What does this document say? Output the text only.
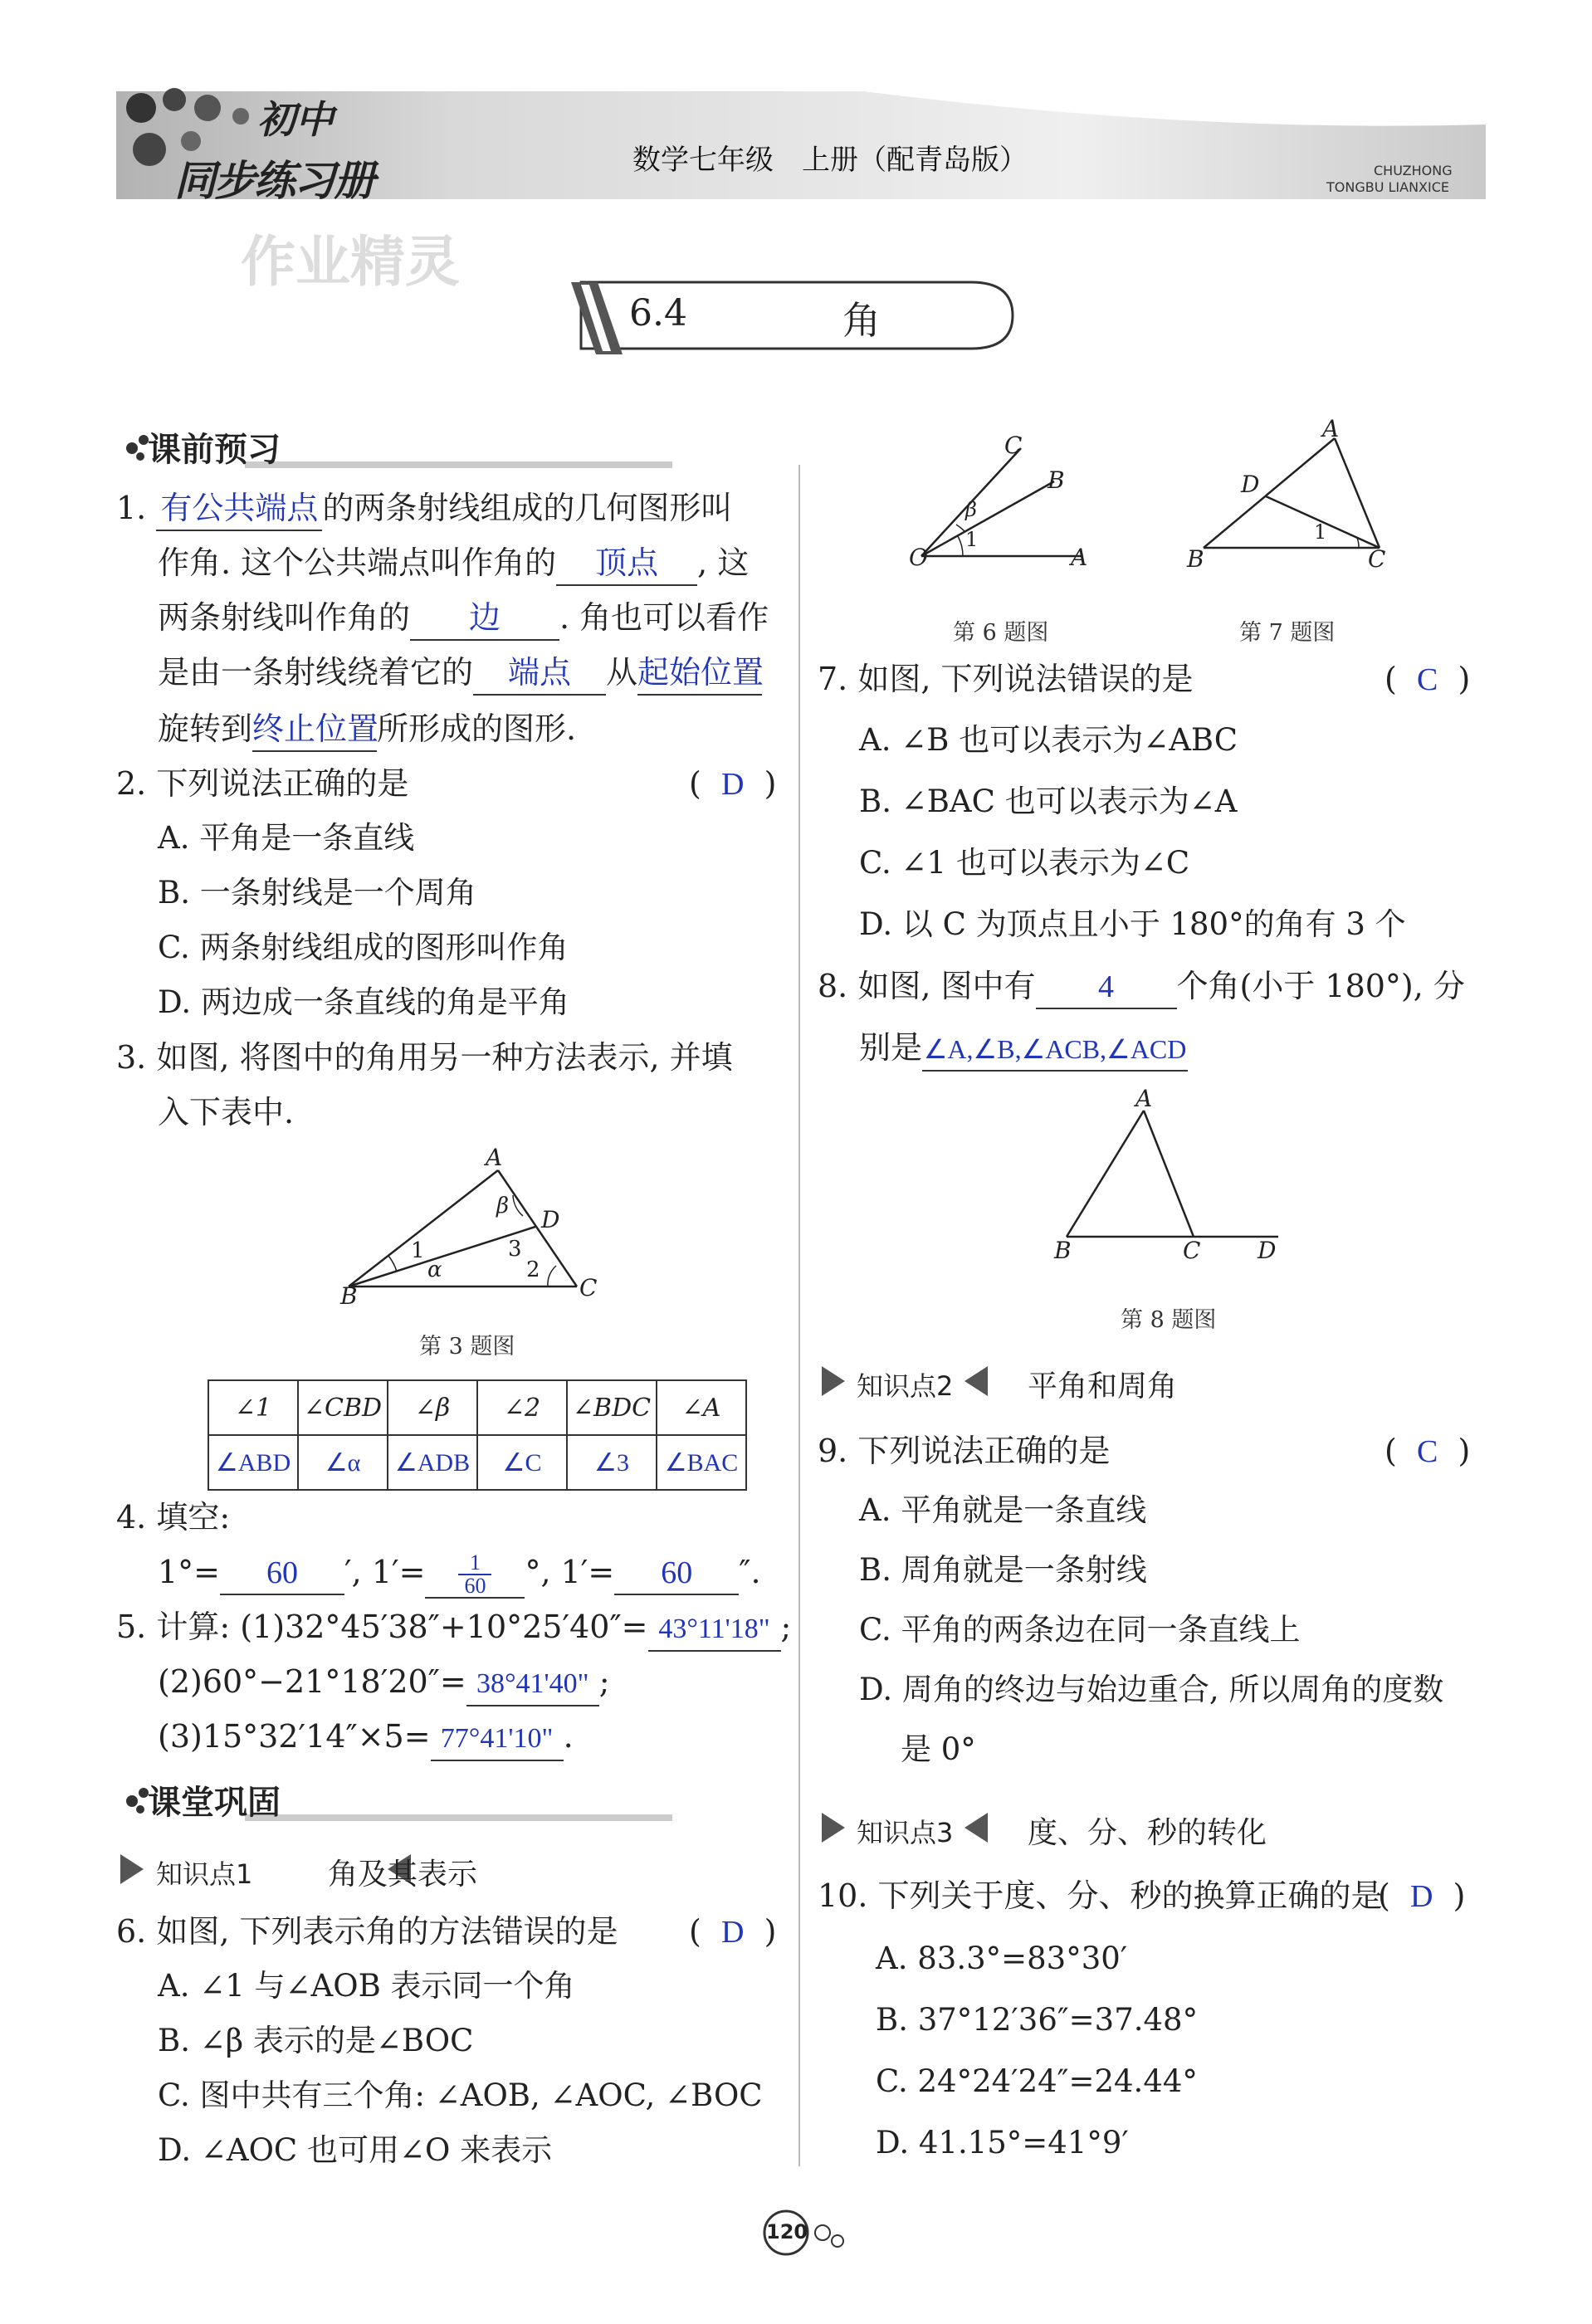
初中
同步练习册	数学七年级　上册（配青岛版）	CHUZHONG
TONGBU LIANXICE
作业精灵
6.4	角
课前预习
1. 有公共端点 的两条射线组成的几何图形叫
作角. 这个公共端点叫作角的 顶点 , 这
两条射线叫作角的 边 . 角也可以看作
是由一条射线绕着它的 端点 从起始位置
旋转到终止位置所形成的图形.
2. 下列说法正确的是	(  D  )
A. 平角是一条直线
B. 一条射线是一个周角
C. 两条射线组成的图形叫作角
D. 两边成一条直线的角是平角
3. 如图, 将图中的角用另一种方法表示, 并填
入下表中.
A
B	C
D
1
α
β
3
2
第 3 题图
∠1	∠CBD	∠β	∠2	∠BDC	∠A
∠ABD	∠α	∠ADB	∠C	∠3	∠BAC
4. 填空:
1°= 60 ′, $1'= \frac{1}{60}$ °, 1′= 60 ″.
5. 计算: (1)32°45′38″+10°25′40″= 43°11'18" ;
(2)60°−21°18′20″= 38°41'40" ;
(3)15°32′14″×5= 77°41'10" .
课堂巩固
知识点1	角及其表示
6. 如图, 下列表示角的方法错误的是 (  D  )
A. ∠1 与∠AOB 表示同一个角
B. ∠β 表示的是∠BOC
C. 图中共有三个角: ∠AOB, ∠AOC, ∠BOC
D. ∠AOC 也可用∠O 来表示
O	A
B
C
1
β
第 6 题图
A
B	C
D
1
第 7 题图
7. 如图, 下列说法错误的是	(  C  )
A. ∠B 也可以表示为∠ABC
B. ∠BAC 也可以表示为∠A
C. ∠1 也可以表示为∠C
D. 以 C 为顶点且小于 180°的角有 3 个
8. 如图, 图中有 4 个角(小于 180°), 分
别是∠A,∠B,∠ACB,∠ACD
A
B	C D
第 8 题图
知识点2 平角和周角
9. 下列说法正确的是	(  C  )
A. 平角就是一条直线
B. 周角就是一条射线
C. 平角的两条边在同一条直线上
D. 周角的终边与始边重合, 所以周角的度数
是 0°
知识点3 度、分、秒的转化
10. 下列关于度、分、秒的换算正确的是
(  D  )
A. 83.3°=83°30′
B. 37°12′36″=37.48°
C. 24°24′24″=24.44°
D. 41.15°=41°9′
120
